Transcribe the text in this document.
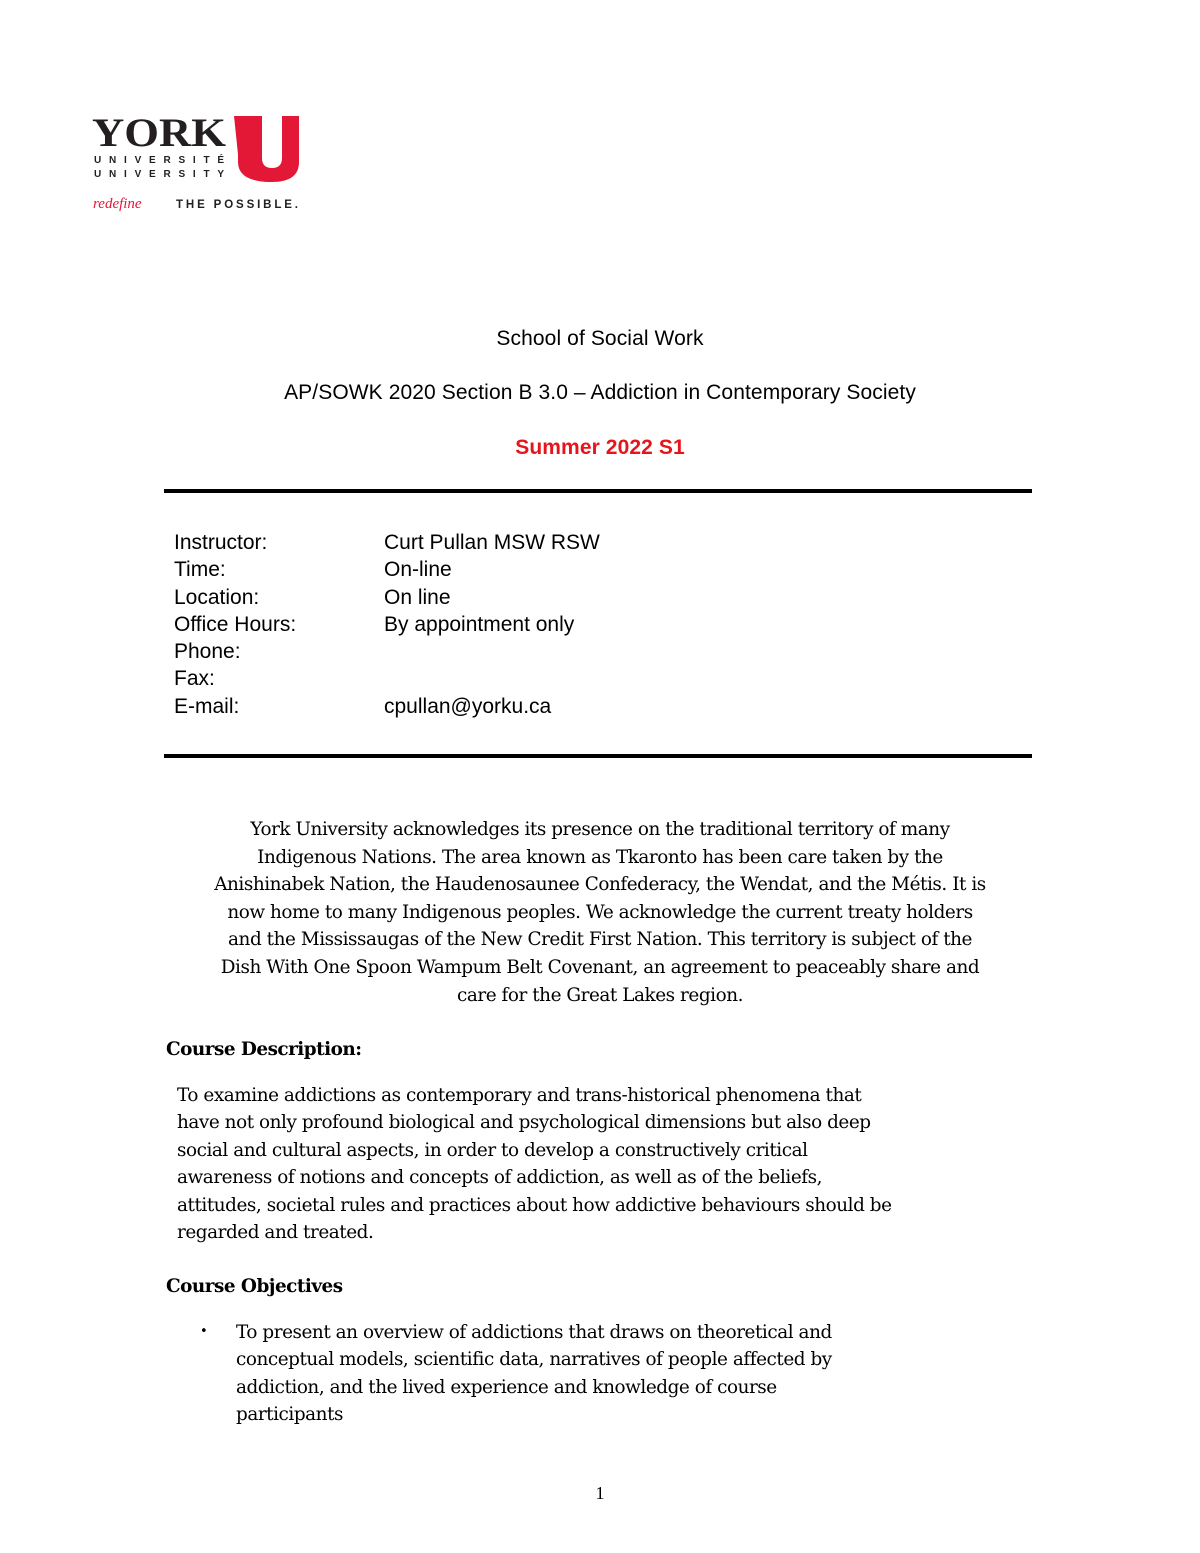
YORK
UNIVERSITÉ
UNIVERSITY
redefine	THE POSSIBLE.
School of Social Work
AP/SOWK 2020 Section B 3.0 – Addiction in Contemporary Society
Summer 2022 S1
Instructor:	Curt Pullan MSW RSW
Time:	On-line
Location:	On line
Office Hours:	By appointment only
Phone:
Fax:
E-mail:	cpullan@yorku.ca
York University acknowledges its presence on the traditional territory of many
Indigenous Nations. The area known as Tkaronto has been care taken by the
Anishinabek Nation, the Haudenosaunee Confederacy, the Wendat, and the Métis. It is
now home to many Indigenous peoples. We acknowledge the current treaty holders
and the Mississaugas of the New Credit First Nation. This territory is subject of the
Dish With One Spoon Wampum Belt Covenant, an agreement to peaceably share and
care for the Great Lakes region.
Course Description:
To examine addictions as contemporary and trans-historical phenomena that
have not only profound biological and psychological dimensions but also deep
social and cultural aspects, in order to develop a constructively critical
awareness of notions and concepts of addiction, as well as of the beliefs,
attitudes, societal rules and practices about how addictive behaviours should be
regarded and treated.
Course Objectives
• To present an overview of addictions that draws on theoretical and
conceptual models, scientific data, narratives of people affected by
addiction, and the lived experience and knowledge of course
participants
1
